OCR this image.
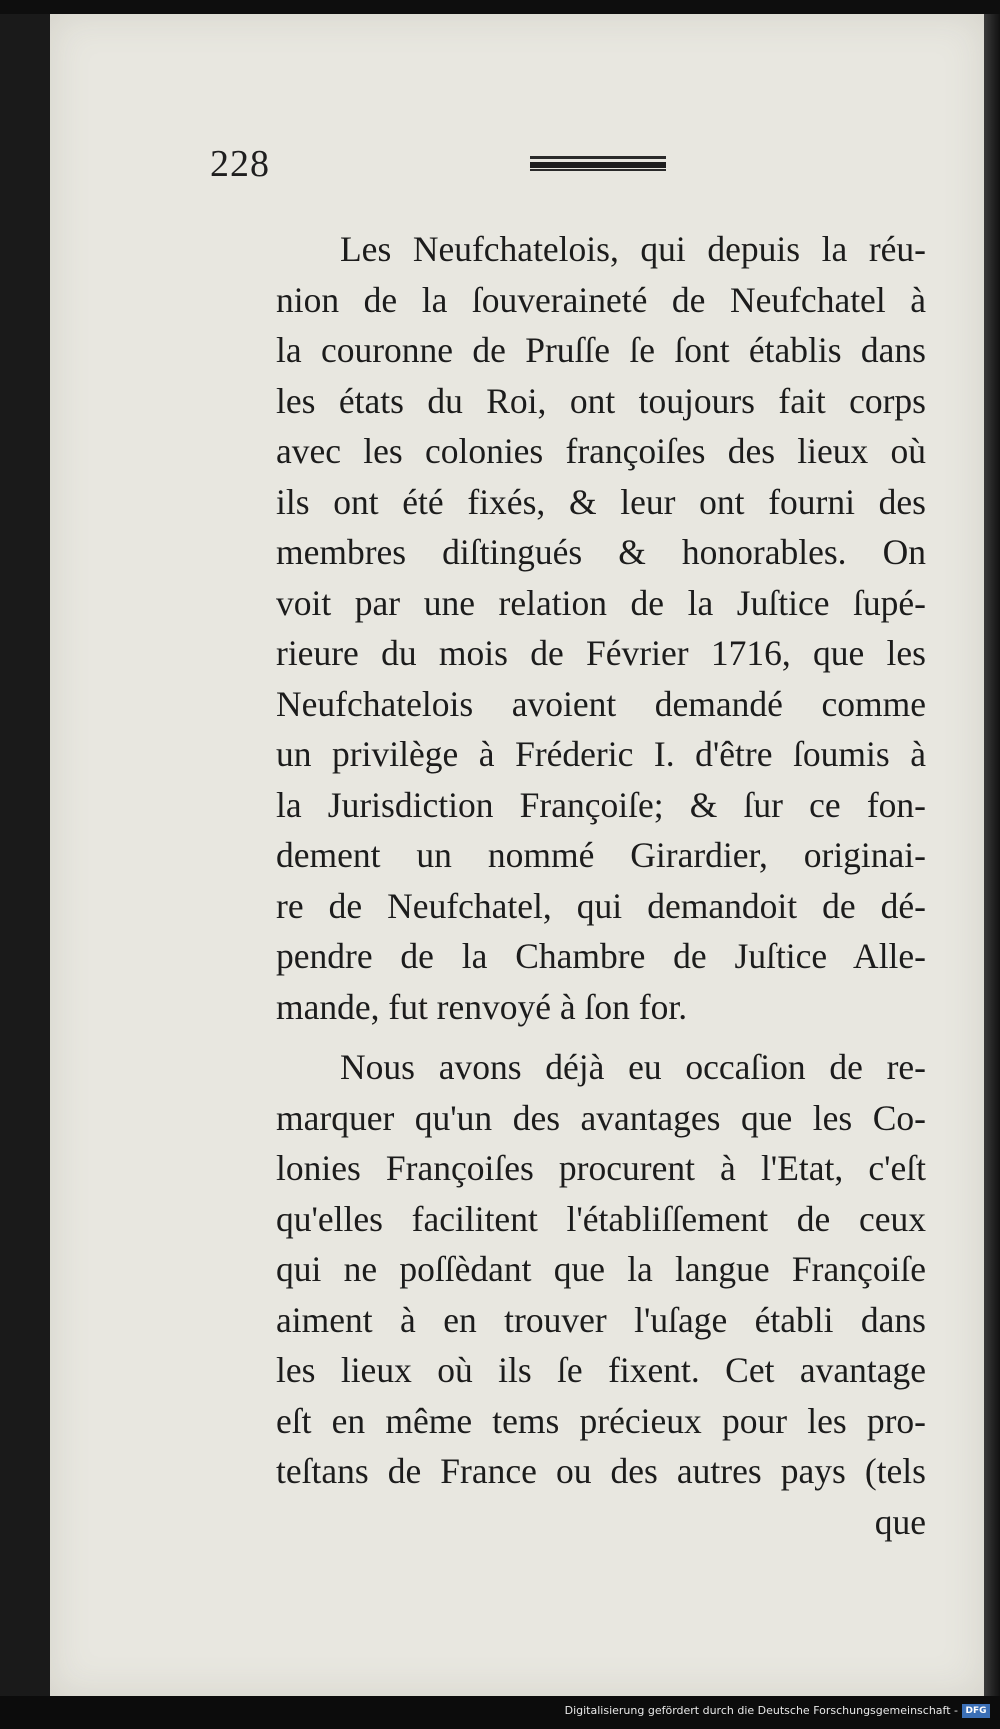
228
Les Neufchatelois, qui depuis la réu-
nion de la ſouveraineté de Neufchatel à
la couronne de Pruſſe ſe ſont établis dans
les états du Roi, ont toujours fait corps
avec les colonies françoiſes des lieux où
ils ont été fixés, & leur ont fourni des
membres diſtingués & honorables. On
voit par une relation de la Juſtice ſupé-
rieure du mois de Février 1716, que les
Neufchatelois avoient demandé comme
un privilège à Fréderic I. d'être ſoumis à
la Jurisdiction Françoiſe; & ſur ce fon-
dement un nommé Girardier, originai-
re de Neufchatel, qui demandoit de dé-
pendre de la Chambre de Juſtice Alle-
mande, fut renvoyé à ſon for.
Nous avons déjà eu occaſion de re-
marquer qu'un des avantages que les Co-
lonies Françoiſes procurent à l'Etat, c'eſt
qu'elles facilitent l'établiſſement de ceux
qui ne poſſèdant que la langue Françoiſe
aiment à en trouver l'uſage établi dans
les lieux où ils ſe fixent. Cet avantage
eſt en même tems précieux pour les pro-
teſtans de France ou des autres pays (tels
que
Digitalisierung gefördert durch die Deutsche Forschungsgemeinschaft - DFG
